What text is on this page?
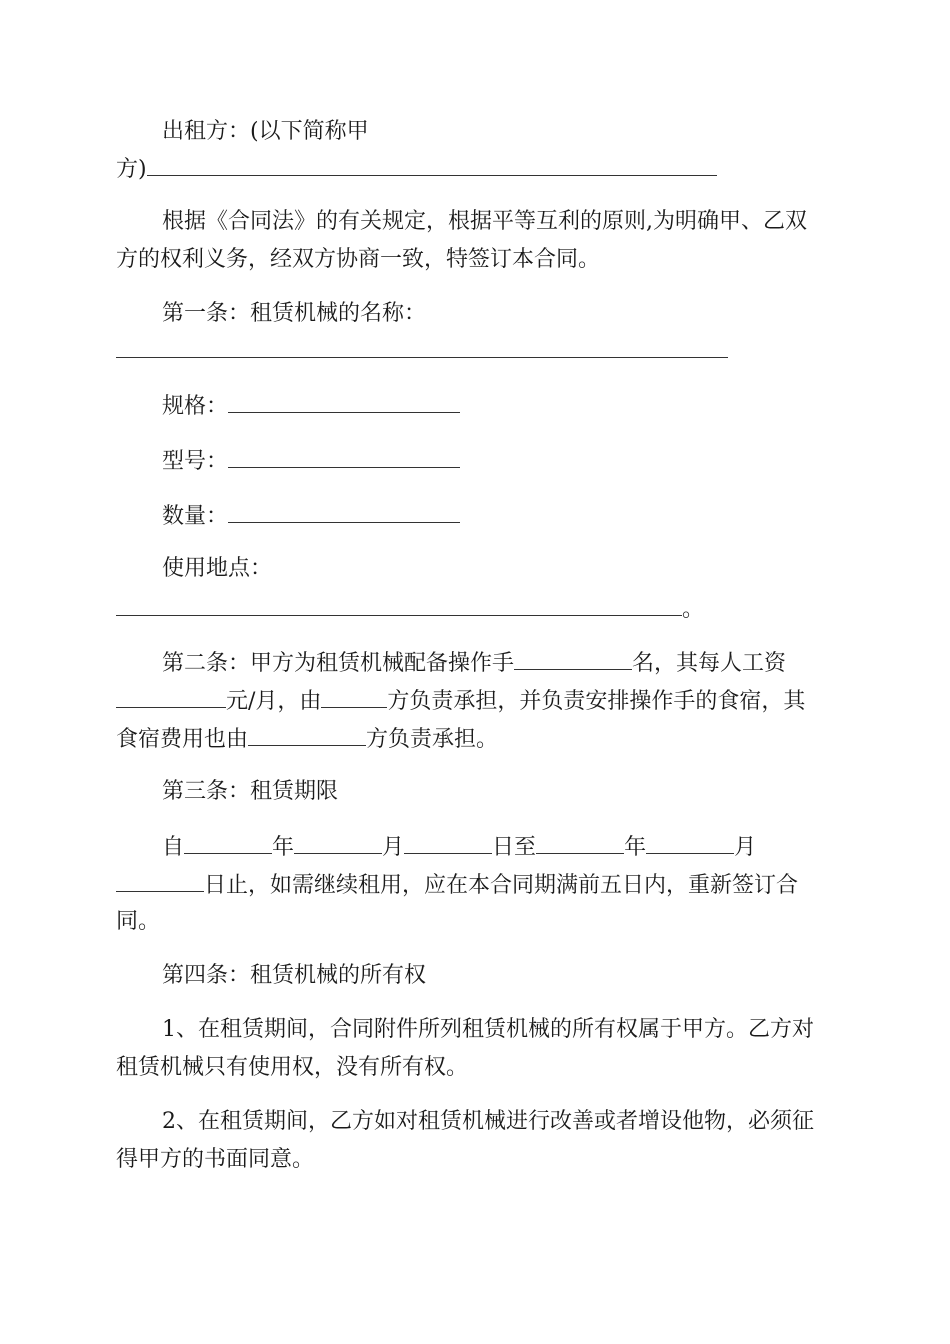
出租方：(以下简称甲
方)
根据《合同法》的有关规定，根据平等互利的原则,为明确甲、乙双
方的权利义务，经双方协商一致，特签订本合同。
第一条：租赁机械的名称：
规格：
型号：
数量：
使用地点：
。
第二条：甲方为租赁机械配备操作手	名，其每人工资
元/月，由	方负责承担，并负责安排操作手的食宿，其
食宿费用也由	方负责承担。
第三条：租赁期限
自	年	月	日至	年	月
日止，如需继续租用，应在本合同期满前五日内，重新签订合
同。
第四条：租赁机械的所有权
1、在租赁期间，合同附件所列租赁机械的所有权属于甲方。乙方对
租赁机械只有使用权，没有所有权。
2、在租赁期间，乙方如对租赁机械进行改善或者增设他物，必须征
得甲方的书面同意。
